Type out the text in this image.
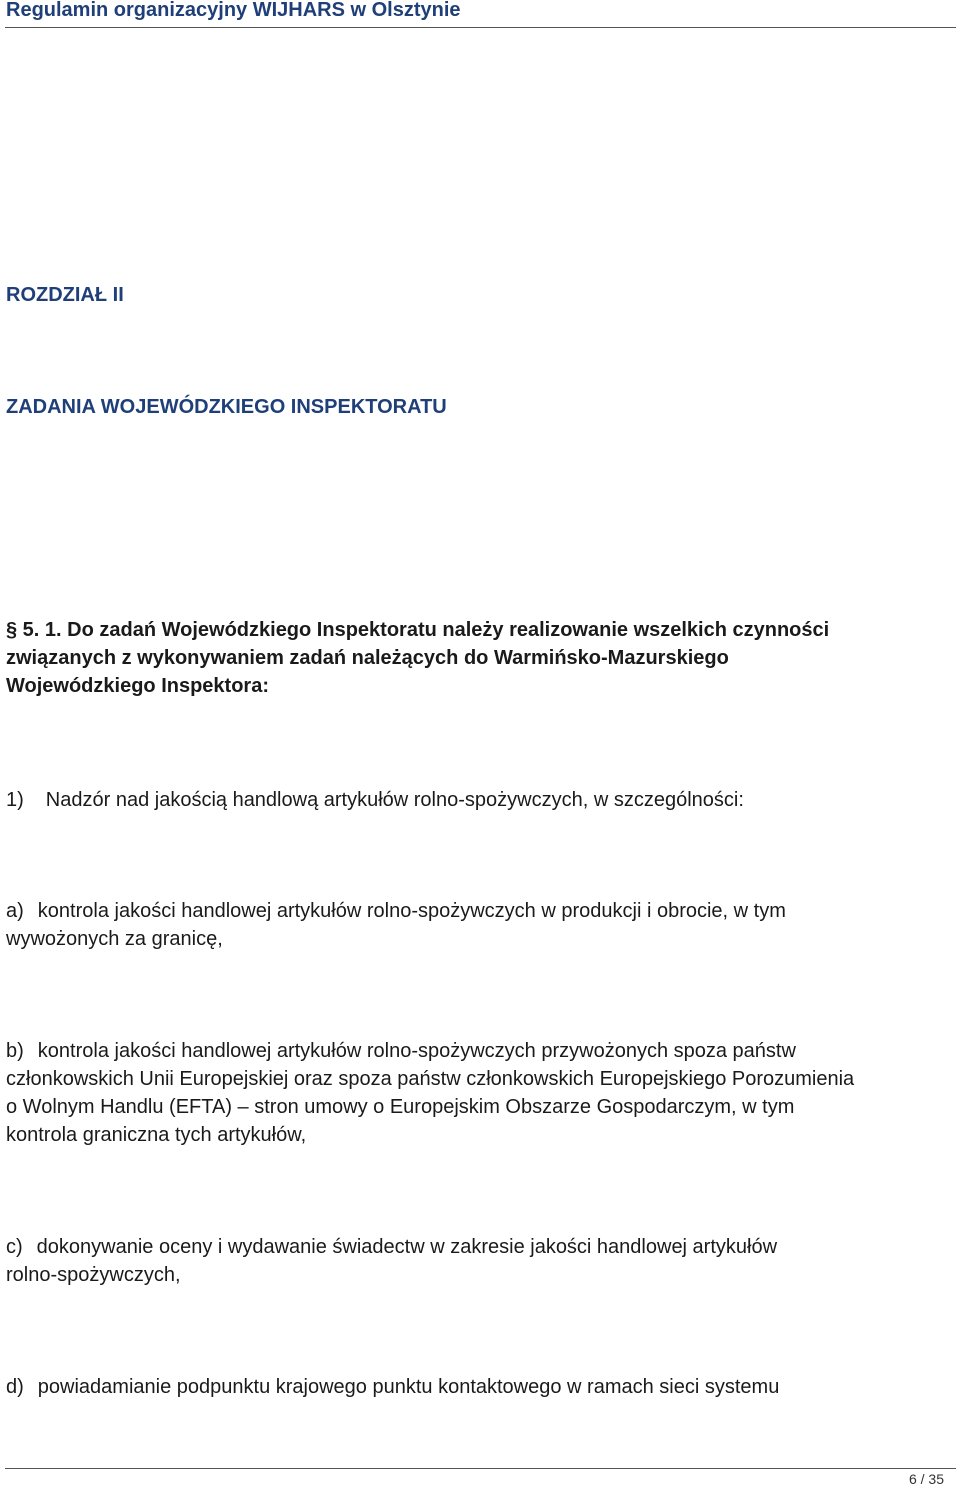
Regulamin organizacyjny WIJHARS w Olsztynie
ROZDZIAŁ II
ZADANIA WOJEWÓDZKIEGO INSPEKTORATU
§ 5. 1. Do zadań Wojewódzkiego Inspektoratu należy realizowanie wszelkich czynności
związanych z wykonywaniem zadań należących do Warmińsko-Mazurskiego
Wojewódzkiego Inspektora:
1) Nadzór nad jakością handlową artykułów rolno-spożywczych, w szczególności:
a) kontrola jakości handlowej artykułów rolno-spożywczych w produkcji i obrocie, w tym
wywożonych za granicę,
b) kontrola jakości handlowej artykułów rolno-spożywczych przywożonych spoza państw
członkowskich Unii Europejskiej oraz spoza państw członkowskich Europejskiego Porozumienia
o Wolnym Handlu (EFTA) – stron umowy o Europejskim Obszarze Gospodarczym, w tym
kontrola graniczna tych artykułów,
c) dokonywanie oceny i wydawanie świadectw w zakresie jakości handlowej artykułów
rolno-spożywczych,
d) powiadamianie podpunktu krajowego punktu kontaktowego w ramach sieci systemu
6 / 35
